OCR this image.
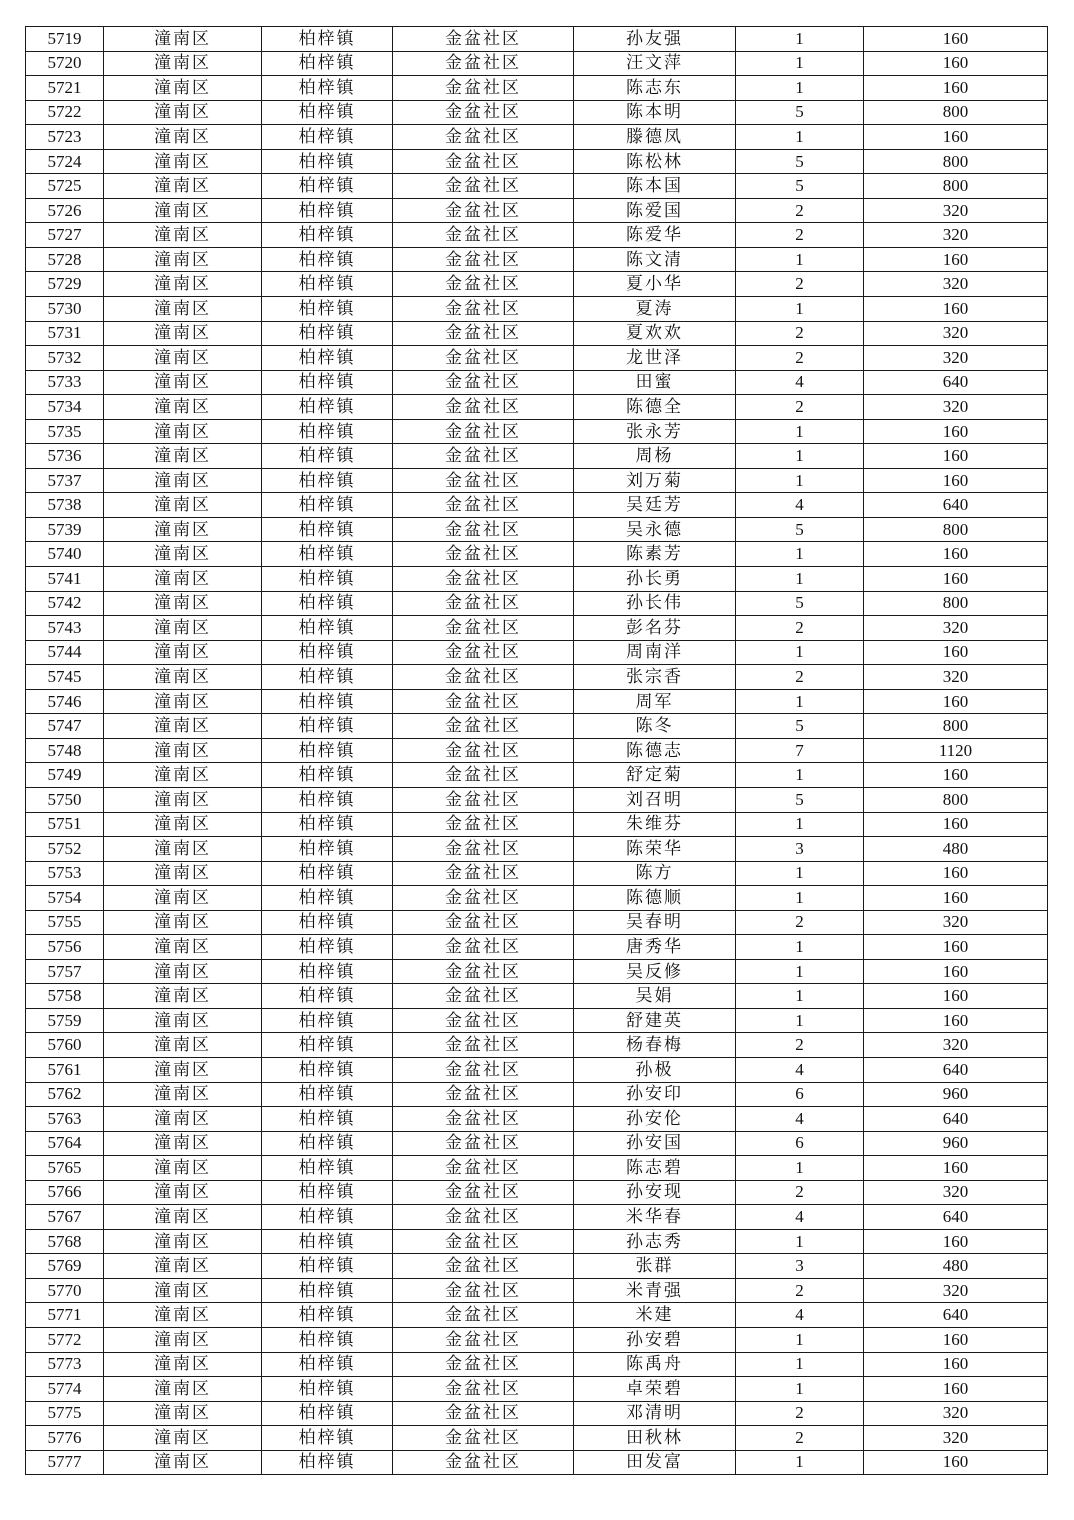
5719	潼南区	柏梓镇	金盆社区	孙友强	1	160
5720	潼南区	柏梓镇	金盆社区	汪文萍	1	160
5721	潼南区	柏梓镇	金盆社区	陈志东	1	160
5722	潼南区	柏梓镇	金盆社区	陈本明	5	800
5723	潼南区	柏梓镇	金盆社区	滕德凤	1	160
5724	潼南区	柏梓镇	金盆社区	陈松林	5	800
5725	潼南区	柏梓镇	金盆社区	陈本国	5	800
5726	潼南区	柏梓镇	金盆社区	陈爱国	2	320
5727	潼南区	柏梓镇	金盆社区	陈爱华	2	320
5728	潼南区	柏梓镇	金盆社区	陈文清	1	160
5729	潼南区	柏梓镇	金盆社区	夏小华	2	320
5730	潼南区	柏梓镇	金盆社区	夏涛	1	160
5731	潼南区	柏梓镇	金盆社区	夏欢欢	2	320
5732	潼南区	柏梓镇	金盆社区	龙世泽	2	320
5733	潼南区	柏梓镇	金盆社区	田蜜	4	640
5734	潼南区	柏梓镇	金盆社区	陈德全	2	320
5735	潼南区	柏梓镇	金盆社区	张永芳	1	160
5736	潼南区	柏梓镇	金盆社区	周杨	1	160
5737	潼南区	柏梓镇	金盆社区	刘万菊	1	160
5738	潼南区	柏梓镇	金盆社区	吴廷芳	4	640
5739	潼南区	柏梓镇	金盆社区	吴永德	5	800
5740	潼南区	柏梓镇	金盆社区	陈素芳	1	160
5741	潼南区	柏梓镇	金盆社区	孙长勇	1	160
5742	潼南区	柏梓镇	金盆社区	孙长伟	5	800
5743	潼南区	柏梓镇	金盆社区	彭名芬	2	320
5744	潼南区	柏梓镇	金盆社区	周南洋	1	160
5745	潼南区	柏梓镇	金盆社区	张宗香	2	320
5746	潼南区	柏梓镇	金盆社区	周军	1	160
5747	潼南区	柏梓镇	金盆社区	陈冬	5	800
5748	潼南区	柏梓镇	金盆社区	陈德志	7	1120
5749	潼南区	柏梓镇	金盆社区	舒定菊	1	160
5750	潼南区	柏梓镇	金盆社区	刘召明	5	800
5751	潼南区	柏梓镇	金盆社区	朱维芬	1	160
5752	潼南区	柏梓镇	金盆社区	陈荣华	3	480
5753	潼南区	柏梓镇	金盆社区	陈方	1	160
5754	潼南区	柏梓镇	金盆社区	陈德顺	1	160
5755	潼南区	柏梓镇	金盆社区	吴春明	2	320
5756	潼南区	柏梓镇	金盆社区	唐秀华	1	160
5757	潼南区	柏梓镇	金盆社区	吴反修	1	160
5758	潼南区	柏梓镇	金盆社区	吴娟	1	160
5759	潼南区	柏梓镇	金盆社区	舒建英	1	160
5760	潼南区	柏梓镇	金盆社区	杨春梅	2	320
5761	潼南区	柏梓镇	金盆社区	孙极	4	640
5762	潼南区	柏梓镇	金盆社区	孙安印	6	960
5763	潼南区	柏梓镇	金盆社区	孙安伦	4	640
5764	潼南区	柏梓镇	金盆社区	孙安国	6	960
5765	潼南区	柏梓镇	金盆社区	陈志碧	1	160
5766	潼南区	柏梓镇	金盆社区	孙安现	2	320
5767	潼南区	柏梓镇	金盆社区	米华春	4	640
5768	潼南区	柏梓镇	金盆社区	孙志秀	1	160
5769	潼南区	柏梓镇	金盆社区	张群	3	480
5770	潼南区	柏梓镇	金盆社区	米青强	2	320
5771	潼南区	柏梓镇	金盆社区	米建	4	640
5772	潼南区	柏梓镇	金盆社区	孙安碧	1	160
5773	潼南区	柏梓镇	金盆社区	陈禹舟	1	160
5774	潼南区	柏梓镇	金盆社区	卓荣碧	1	160
5775	潼南区	柏梓镇	金盆社区	邓清明	2	320
5776	潼南区	柏梓镇	金盆社区	田秋林	2	320
5777	潼南区	柏梓镇	金盆社区	田发富	1	160
